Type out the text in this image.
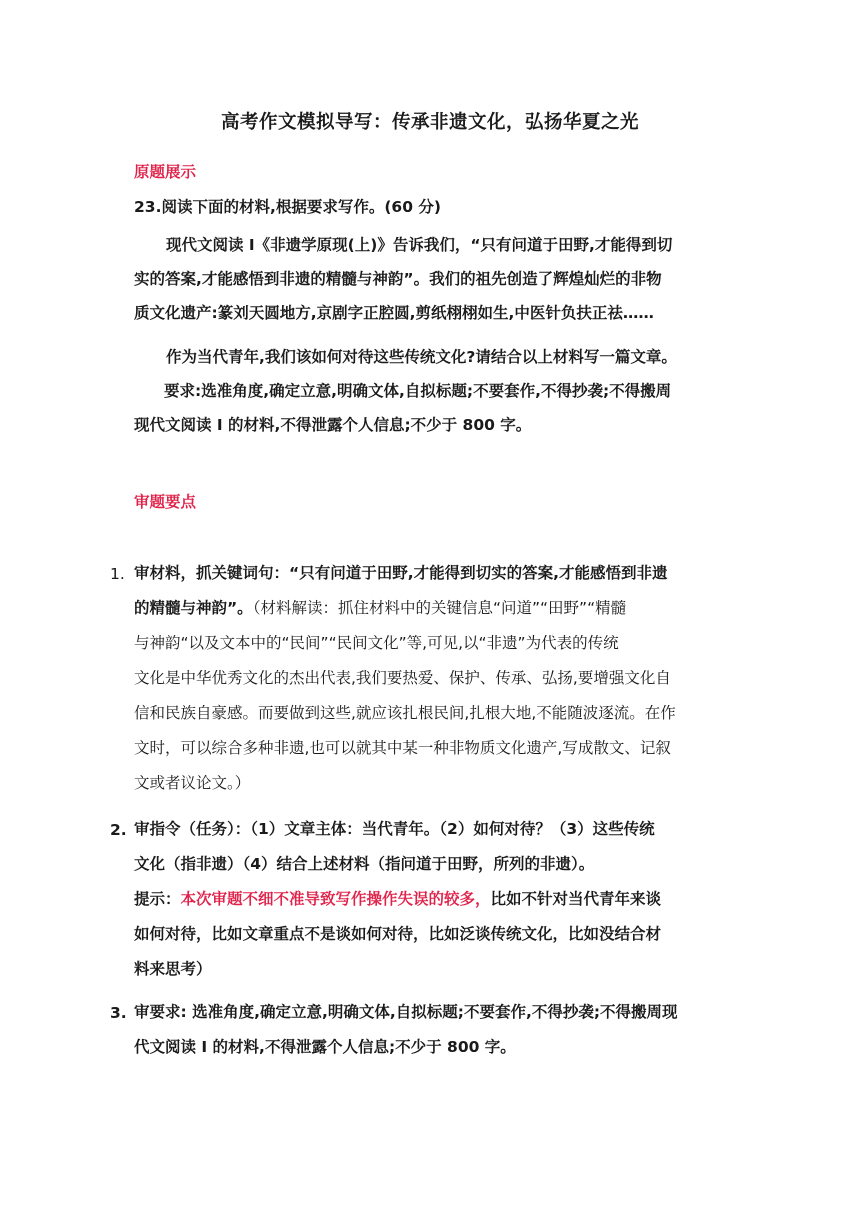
高考作文模拟导写：传承非遗文化，弘扬华夏之光
原题展示
23.阅读下面的材料,根据要求写作。(60 分)
现代文阅读 I《非遗学原现(上)》告诉我们，“只有问道于田野,才能得到切
实的答案,才能感悟到非遗的精髓与神韵”。我们的祖先创造了辉煌灿烂的非物
质文化遗产:篆刘天圆地方,京剧字正腔圆,剪纸栩栩如生,中医针负扶正祛……
作为当代青年,我们该如何对待这些传统文化?请结合以上材料写一篇文章。
要求:选准角度,确定立意,明确文体,自拟标题;不要套作,不得抄袭;不得搬周
现代文阅读 I 的材料,不得泄露个人信息;不少于 800 字。
审题要点
1. 审材料，抓关键词句：“只有问道于田野,才能得到切实的答案,才能感悟到非遗
的精髓与神韵”。（材料解读：抓住材料中的关键信息“问道”“田野”“精髓
与神韵“以及文本中的“民间”“民间文化”等,可见,以“非遗”为代表的传统
文化是中华优秀文化的杰出代表,我们要热爱、保护、传承、弘扬,要增强文化自
信和民族自豪感。而要做到这些,就应该扎根民间,扎根大地,不能随波逐流。在作
文时，可以综合多种非遗,也可以就其中某一种非物质文化遗产,写成散文、记叙
文或者议论文。）
2. 审指令（任务）：（1）文章主体：当代青年。（2）如何对待？（3）这些传统
文化（指非遗）（4）结合上述材料（指问道于田野，所列的非遗）。
提示：本次审题不细不准导致写作操作失误的较多，比如不针对当代青年来谈
如何对待，比如文章重点不是谈如何对待，比如泛谈传统文化，比如没结合材
料来思考）
3. 审要求: 选准角度,确定立意,明确文体,自拟标题;不要套作,不得抄袭;不得搬周现
代文阅读 I 的材料,不得泄露个人信息;不少于 800 字。
